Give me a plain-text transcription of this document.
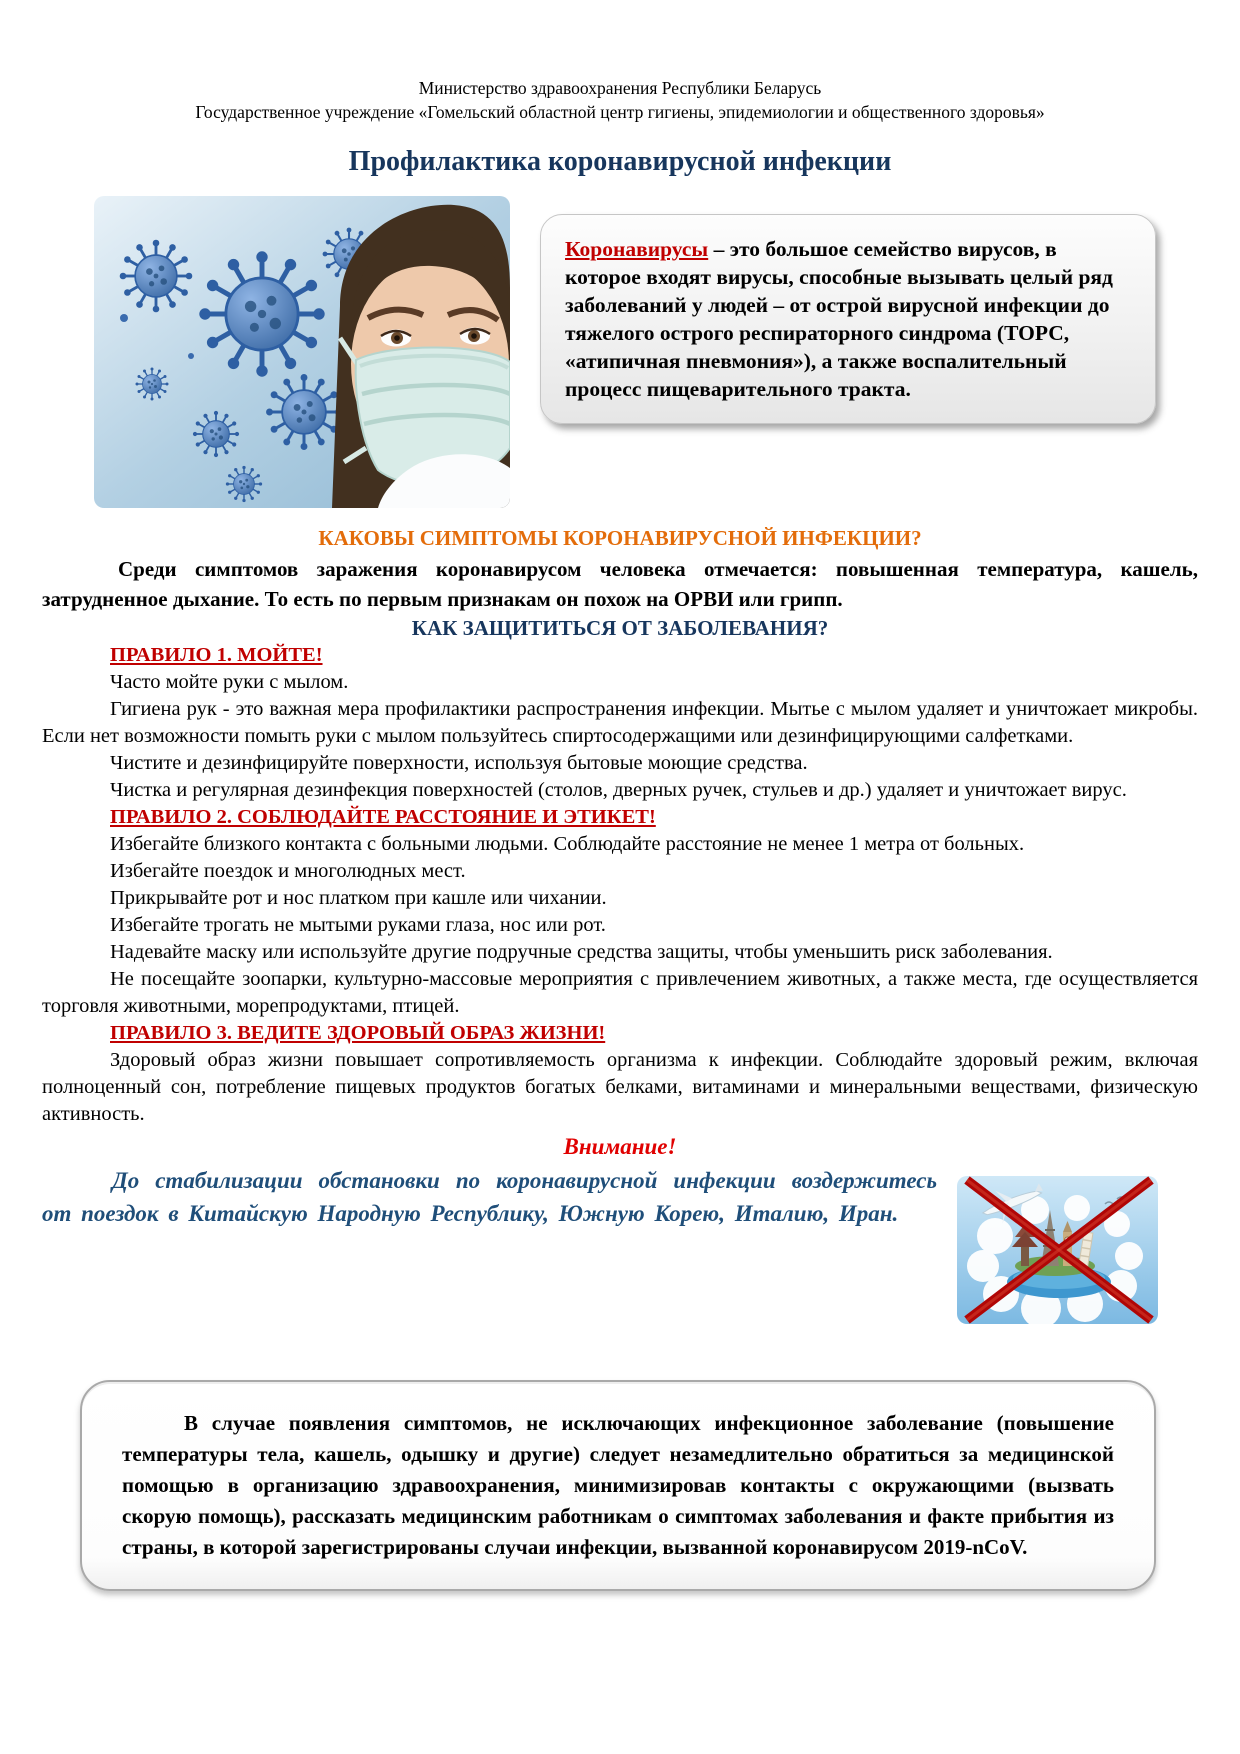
Министерство здравоохранения Республики Беларусь
Государственное учреждение «Гомельский областной центр гигиены, эпидемиологии и общественного здоровья»
Профилактика коронавирусной инфекции
Коронавирусы – это большое семейство вирусов, в которое входят вирусы, способные вызывать целый ряд заболеваний у людей – от острой вирусной инфекции до тяжелого острого респираторного синдрома (ТОРС, «атипичная пневмония»), а также воспалительный процесс пищеварительного тракта.
КАКОВЫ СИМПТОМЫ КОРОНАВИРУСНОЙ ИНФЕКЦИИ?

Среди симптомов заражения коронавирусом человека отмечается: повышенная температура, кашель, затрудненное дыхание. То есть по первым признакам он похож на ОРВИ или грипп.

КАК ЗАЩИТИТЬСЯ ОТ ЗАБОЛЕВАНИЯ?

ПРАВИЛО 1. МОЙТЕ!

Часто мойте руки с мылом.

Гигиена рук - это важная мера профилактики распространения инфекции. Мытье с мылом удаляет и уничтожает микробы. Если нет возможности помыть руки с мылом пользуйтесь спиртосодержащими или дезинфицирующими салфетками.

Чистите и дезинфицируйте поверхности, используя бытовые моющие средства.

Чистка и регулярная дезинфекция поверхностей (столов, дверных ручек, стульев и др.) удаляет и уничтожает вирус.

ПРАВИЛО 2. СОБЛЮДАЙТЕ РАССТОЯНИЕ И ЭТИКЕТ!

Избегайте близкого контакта с больными людьми. Соблюдайте расстояние не менее 1 метра от больных.

Избегайте поездок и многолюдных мест.

Прикрывайте рот и нос платком при кашле или чихании.

Избегайте трогать не мытыми руками глаза, нос или рот.

Надевайте маску или используйте другие подручные средства защиты, чтобы уменьшить риск заболевания.

Не посещайте зоопарки, культурно-массовые мероприятия с привлечением животных, а также места, где осуществляется торговля животными, морепродуктами, птицей.

ПРАВИЛО 3. ВЕДИТЕ ЗДОРОВЫЙ ОБРАЗ ЖИЗНИ!

Здоровый образ жизни повышает сопротивляемость организма к инфекции. Соблюдайте здоровый режим, включая полноценный сон, потребление пищевых продуктов богатых белками, витаминами и минеральными веществами, физическую активность.

Внимание!

До стабилизации обстановки по коронавирусной инфекции воздержитесь от поездок в Китайскую Народную Республику, Южную Корею, Италию, Иран.

В случае появления симптомов, не исключающих инфекционное заболевание (повышение температуры тела, кашель, одышку и другие) следует незамедлительно обратиться за медицинской помощью в организацию здравоохранения, минимизировав контакты с окружающими (вызвать скорую помощь), рассказать медицинским работникам о симптомах заболевания и факте прибытия из страны, в которой зарегистрированы случаи инфекции, вызванной коронавирусом 2019-nCoV.
